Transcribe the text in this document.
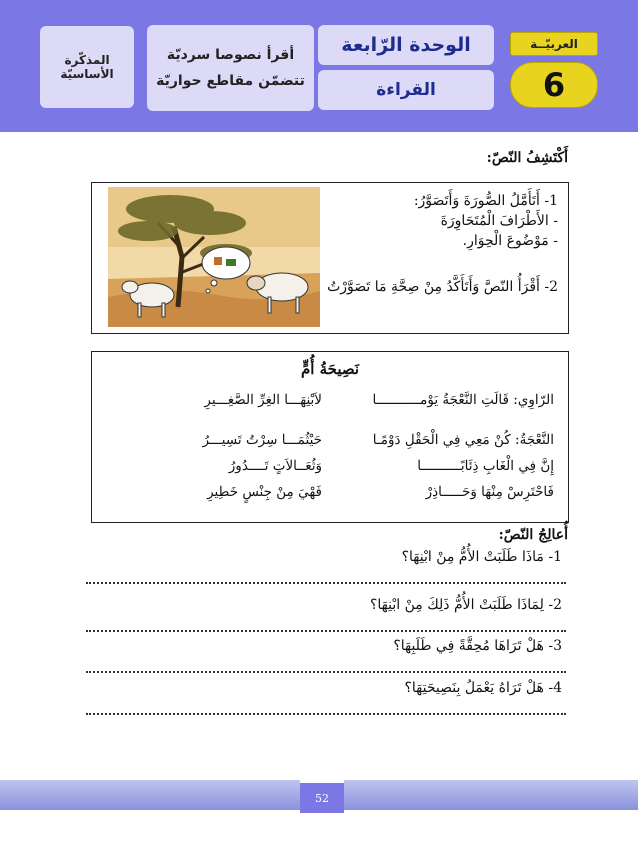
المذكّرة الأساسيّة
أقرأ نصوصا سرديّة تتضمّن مقاطع حواريّة
الوحدة الرّابعة
القراءة
العربيّــة
6
أَكْتَشِفُ النّصّ:
1- أَتَأَمَّلُ الصُّورَةَ وَأَتَصَوَّرُ:
- الأَطْرَافَ الْمُتَحَاوِرَةَ
- مَوْضُوعَ الْحِوَارِ.
2- أَقْرَأُ النّصَّ وَأَتَأَكَّدُ مِنْ صِحَّةِ مَا تَصَوَّرْتُ
نَصِيحَةُ أُمٍّ
الرّاوِي: قَالَتِ النَّعْجَةُ يَوْمـــــــــــا
لاَبْنِهَـــا الغِرِّ الصَّغِـــيرِ
النَّعْجَةُ: كُنْ مَعِي فِي الْحَقْلِ دَوْمًـا
حَيْثُمَـــا سِرْتُ تَسِيـــرُ
إِنَّ فِي الْغَابِ ذِئَابًــــــــــا
وَثُعَــالاَتٍ تَــــدُورُ
فَاحْتَرِسْ مِنْهَا وَحَـــــاذِرْ
فَهْيَ مِنْ جِنْسٍ خَطِيرِ
أُعالِجُ النّصّ:
1- مَاذَا طَلَبَتْ الأُمُّ مِنْ ابْنِهَا؟
2- لِمَاذَا طَلَبَتْ الأُمُّ ذَلِكَ مِنْ ابْنِهَا؟
3- هَلْ تَرَاهَا مُحِقَّةً فِي طَلَبِهَا؟
4- هَلْ تَرَاهُ يَعْمَلُ بِنَصِيحَتِهَا؟
52
